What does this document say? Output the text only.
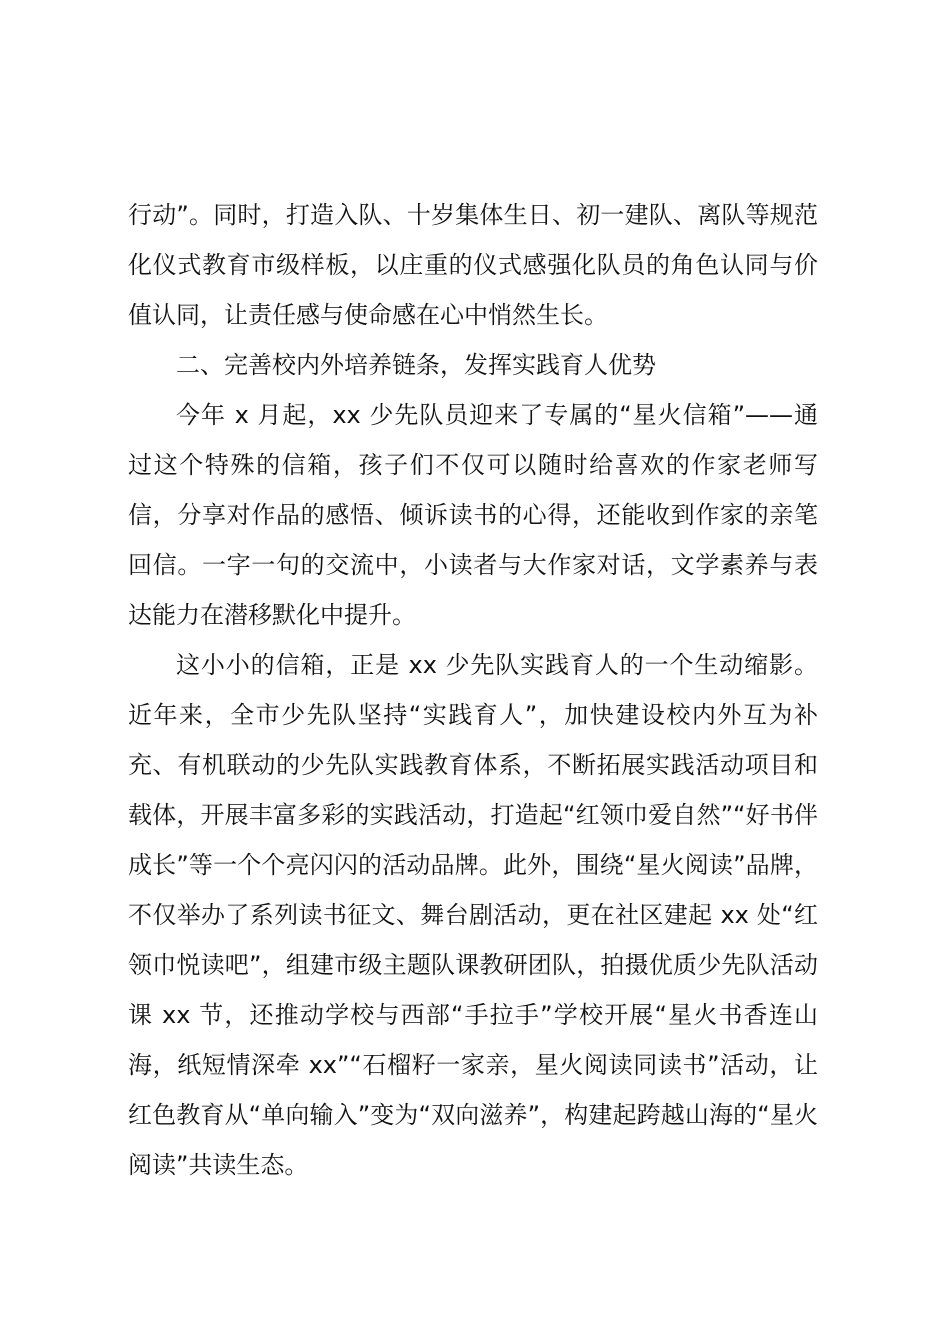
行动”。同时，打造入队、十岁集体生日、初一建队、离队等规范化仪式教育市级样板，以庄重的仪式感强化队员的角色认同与价值认同，让责任感与使命感在心中悄然生长。

二、完善校内外培养链条，发挥实践育人优势

今年 x 月起，xx 少先队员迎来了专属的“星火信箱”——通过这个特殊的信箱，孩子们不仅可以随时给喜欢的作家老师写信，分享对作品的感悟、倾诉读书的心得，还能收到作家的亲笔回信。一字一句的交流中，小读者与大作家对话，文学素养与表达能力在潜移默化中提升。

这小小的信箱，正是 xx 少先队实践育人的一个生动缩影。近年来，全市少先队坚持“实践育人”，加快建设校内外互为补充、有机联动的少先队实践教育体系，不断拓展实践活动项目和载体，开展丰富多彩的实践活动，打造起“红领巾爱自然”“好书伴成长”等一个个亮闪闪的活动品牌。此外，围绕“星火阅读”品牌，不仅举办了系列读书征文、舞台剧活动，更在社区建起 xx 处“红领巾悦读吧”，组建市级主题队课教研团队，拍摄优质少先队活动课 xx 节，还推动学校与西部“手拉手”学校开展“星火书香连山海，纸短情深牵 xx”“石榴籽一家亲，星火阅读同读书”活动，让红色教育从“单向输入”变为“双向滋养”，构建起跨越山海的“星火阅读”共读生态。
